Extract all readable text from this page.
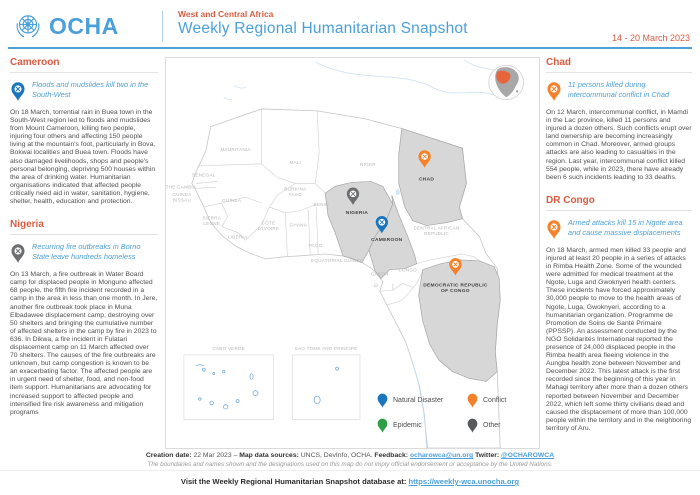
OCHA	West and Central Africa
Weekly Regional Humanitarian Snapshot
14 - 20 March 2023
Cameroon
Floods and mudslides kill two in the South-West

On 18 March, torrential rain in Buea town in the South-West region led to floods and mudslides from Mount Cameroon, killing two people, injuring four others and affecting 150 people living at the mountain's foot, particularly in Bova, Bokwai localities and Buea town. Floods have also damaged livelihoods, shops and people's personal belonging, depriving 500 houses within the area of drinking water. Humanitarian organisations indicated that affected people critically need aid in water, sanitation, hygiene, shelter, health, education and protection.

Nigeria
Recurring fire outbreaks in Borno State leave hundreds homeless

On 13 March, a fire outbreak in Water Board camp for displaced people in Monguno affected 68 people, the fifth fire incident recorded in a camp in the area in less than one month. In Jere, another fire outbreak took place in Muna Elbadawee displacement camp, destroying over 50 shelters and bringing the cumulative number of affected shelters in the camp by fire in 2023 to 636. In Dikwa, a fire incident in Fulatari displacement camp on 11 March affected over 70 shelters. The causes of the fire outbreaks are unknown, but camp congestion is known to be an exacerbating factor. The affected people are in urgent need of shelter, food, and non-food item support. Humanitarians are advocating for increased support to affected people and intensified fire risk awareness and mitigation programs

Chad
11 persons killed during intercommunal conflict in Chad

On 12 March, intercommunal conflict, in Mamdi in the Lac province, killed 11 persons and injured a dozen others. Such conflicts erupt over land ownership are becoming increasingly common in Chad. Moreover, armed groups attacks are also leading to casualties in the region. Last year, intercommunal conflict killed 554 people, while in 2023, there have already been 6 such incidents leading to 33 deaths.

DR Congo
Armed attacks kill 15 in Ngote area and cause massive displacements

On 18 March, armed men killed 33 people and injured at least 20 people in a series of attacks in Rimba Health Zone. Some of the wounded were admitted for medical treatment at the Ngote, Luga and Gwoknyeri health centers. These incidents have forced approximately 30,000 people to move to the health areas of Ngote, Luga, Gwoknyeri, according to a humanitarian organization, Programme de Promotion de Soins de Santé Primaire (PPSSP). An assessment conducted by the NGO Solidarités International reported the presence of 24,000 displaced people in the Rimba health area fleeing violence in the Aungba health zone between November and December 2022. This latest attack is the first recorded since the beginning of this year in Mahagi territory after more than a dozen others reported between November and December 2022, which left some thirty civilians dead and caused the displacement of more than 100,000 people within the territory and in the neighboring territory of Aru.

MAURITANIA
MALI	NIGER
SENEGAL
THE GAMBIA
GUINEA BISSAU	GUINEA
SIERRA LEONE
LIBERIA
CÔTE D'IVOIRE
GHANA
TOGO
BENIN
BURKINA FASO
NIGERIA
CAMEROON
CHAD
CENTRAL AFRICAN REPUBLIC
EQUATORIAL GUINEA
GABON
CONGO
DEMOCRATIC REPUBLIC OF CONGO
CABO VERDE	SAO TOME AND PRINCIPE
Natural Disaster	Conflict
Epidemic	Other
Creation date: 22 Mar 2023 – Map data sources: UNCS, DevInfo, OCHA. Feedback: ocharowca@un.org Twitter: @OCHAROWCA
The boundaries and names shown and the designations used on this map do not imply official endorsement or acceptance by the United Nations.
Visit the Weekly Regional Humanitarian Snapshot database at: https://weekly-wca.unocha.org
